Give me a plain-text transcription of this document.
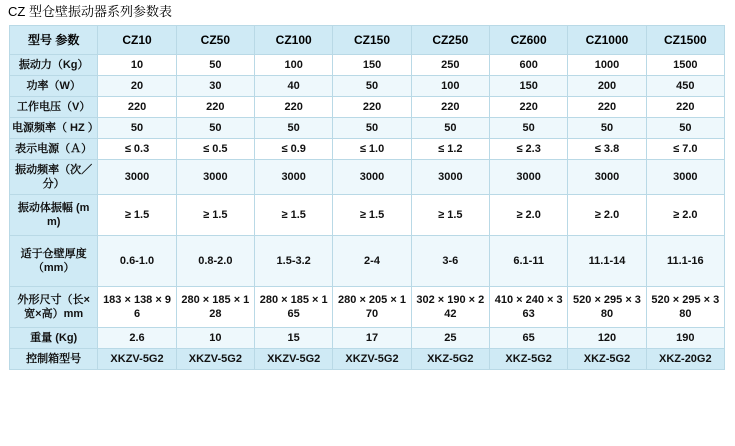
CZ 型仓壁振动器系列参数表
型号 参数	CZ10	CZ50	CZ100	CZ150	CZ250	CZ600	CZ1000	CZ1500
振动力（Kg）	10	50	100	150	250	600	1000	1500
功率（W）	20	30	40	50	100	150	200	450
工作电压（V）	220	220	220	220	220	220	220	220
电源频率（ HZ ）	50	50	50	50	50	50	50	50
表示电源（Ａ）	≤ 0.3	≤ 0.5	≤ 0.9	≤ 1.0	≤ 1.2	≤ 2.3	≤ 3.8	≤ 7.0
振动频率（次／分）	3000	3000	3000	3000	3000	3000	3000	3000
振动体振幅 (mm)	≥ 1.5	≥ 1.5	≥ 1.5	≥ 1.5	≥ 1.5	≥ 2.0	≥ 2.0	≥ 2.0
适于仓壁厚度（mm）	0.6-1.0	0.8-2.0	1.5-3.2	2-4	3-6	6.1-11	11.1-14	11.1-16
外形尺寸（长×宽×高）mm	183 × 138 × 96	280 × 185 × 128	280 × 185 × 165	280 × 205 × 170	302 × 190 × 242	410 × 240 × 363	520 × 295 × 380	520 × 295 × 380
重量 (Kg)	2.6	10	15	17	25	65	120	190
控制箱型号	XKZV-5G2	XKZV-5G2	XKZV-5G2	XKZV-5G2	XKZ-5G2	XKZ-5G2	XKZ-5G2	XKZ-20G2
